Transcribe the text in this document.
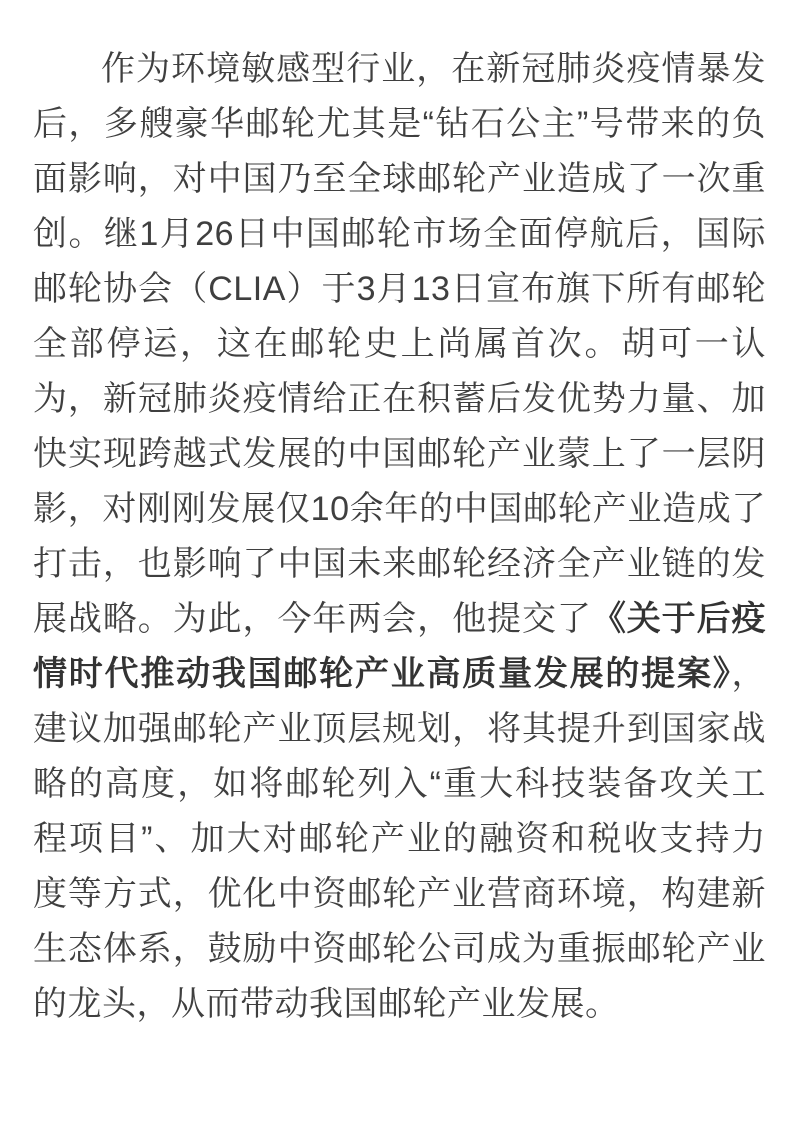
作为环境敏感型行业，在新冠肺炎疫情暴发后，多艘豪华邮轮尤其是“钻石公主”号带来的负面影响，对中国乃至全球邮轮产业造成了一次重创。继1月26日中国邮轮市场全面停航后，国际邮轮协会（CLIA）于3月13日宣布旗下所有邮轮全部停运，这在邮轮史上尚属首次。胡可一认为，新冠肺炎疫情给正在积蓄后发优势力量、加快实现跨越式发展的中国邮轮产业蒙上了一层阴影，对刚刚发展仅10余年的中国邮轮产业造成了打击，也影响了中国未来邮轮经济全产业链的发展战略。为此，今年两会，他提交了《关于后疫情时代推动我国邮轮产业高质量发展的提案》，建议加强邮轮产业顶层规划，将其提升到国家战略的高度，如将邮轮列入“重大科技装备攻关工程项目”、加大对邮轮产业的融资和税收支持力度等方式，优化中资邮轮产业营商环境，构建新生态体系，鼓励中资邮轮公司成为重振邮轮产业的龙头，从而带动我国邮轮产业发展。
